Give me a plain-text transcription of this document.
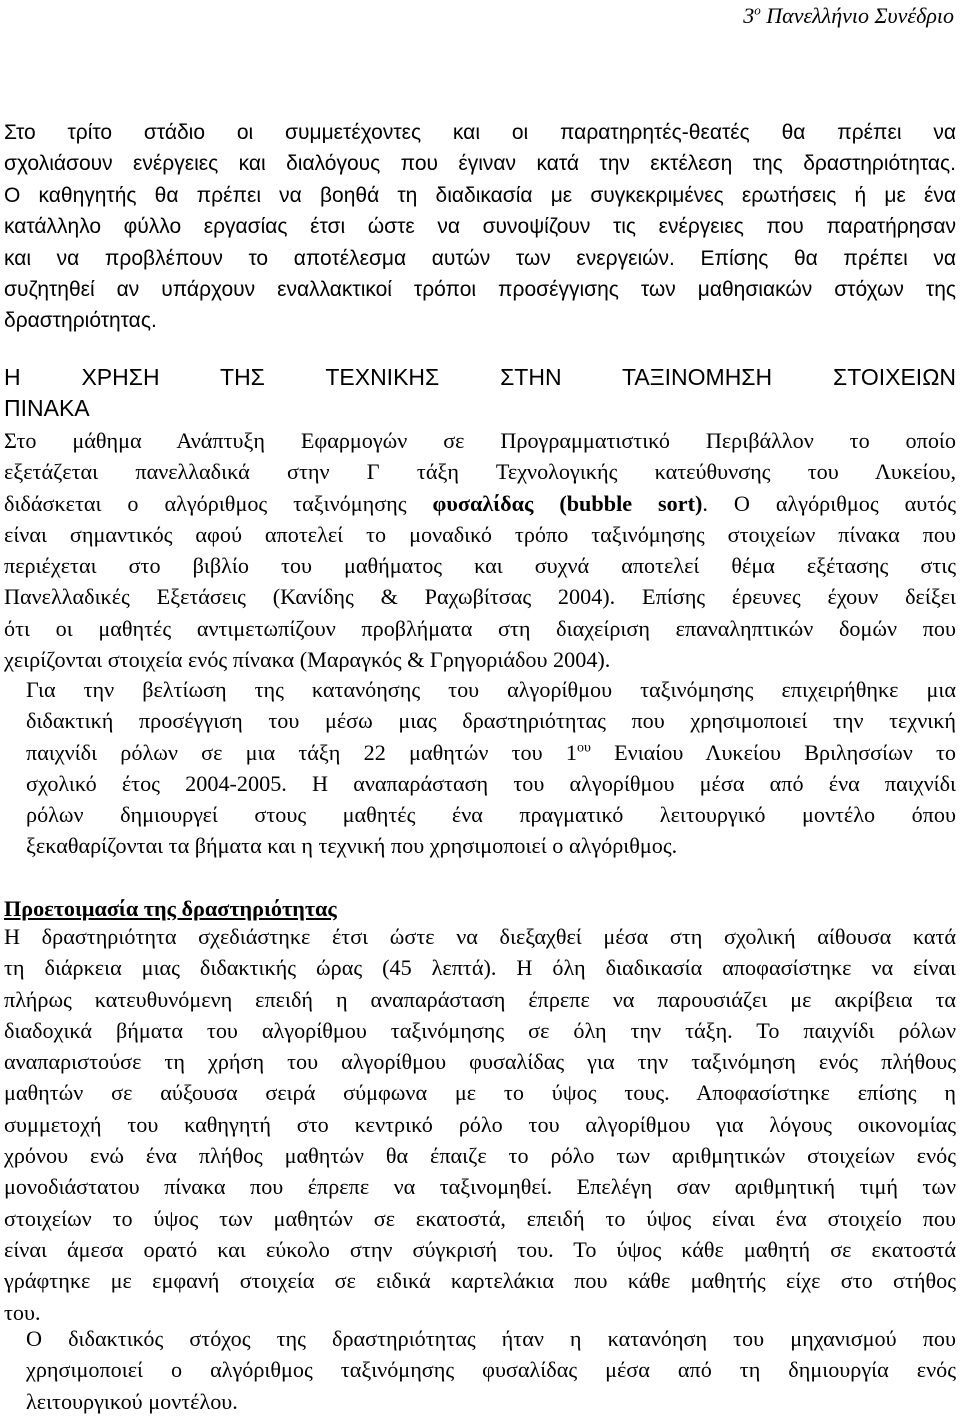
$3^o$ Πανελλήνιο Συνέδριο
Στο τρίτο στάδιο οι συμμετέχοντες και οι παρατηρητές-θεατές θα πρέπει να
σχολιάσουν ενέργειες και διαλόγους που έγιναν κατά την εκτέλεση της δραστηριότητας.
Ο καθηγητής θα πρέπει να βοηθά τη διαδικασία με συγκεκριμένες ερωτήσεις ή με ένα
κατάλληλο φύλλο εργασίας έτσι ώστε να συνοψίζουν τις ενέργειες που παρατήρησαν
και να προβλέπουν το αποτέλεσμα αυτών των ενεργειών. Επίσης θα πρέπει να
συζητηθεί αν υπάρχουν εναλλακτικοί τρόποι προσέγγισης των μαθησιακών στόχων της
δραστηριότητας.
Η ΧΡΗΣΗ ΤΗΣ ΤΕΧΝΙΚΗΣ ΣΤΗΝ ΤΑΞΙΝΟΜΗΣΗ ΣΤΟΙΧΕΙΩΝ
ΠΙΝΑΚΑ
Στο μάθημα Ανάπτυξη Εφαρμογών σε Προγραμματιστικό Περιβάλλον το οποίο
εξετάζεται πανελλαδικά στην Γ τάξη Τεχνολογικής κατεύθυνσης του Λυκείου,
διδάσκεται ο αλγόριθμος ταξινόμησης φυσαλίδας (bubble sort). Ο αλγόριθμος αυτός
είναι σημαντικός αφού αποτελεί το μοναδικό τρόπο ταξινόμησης στοιχείων πίνακα που
περιέχεται στο βιβλίο του μαθήματος και συχνά αποτελεί θέμα εξέτασης στις
Πανελλαδικές Εξετάσεις (Κανίδης & Ραχωβίτσας 2004). Επίσης έρευνες έχουν δείξει
ότι οι μαθητές αντιμετωπίζουν προβλήματα στη διαχείριση επαναληπτικών δομών που
χειρίζονται στοιχεία ενός πίνακα (Μαραγκός & Γρηγοριάδου 2004).
Για την βελτίωση της κατανόησης του αλγορίθμου ταξινόμησης επιχειρήθηκε μια
διδακτική προσέγγιση του μέσω μιας δραστηριότητας που χρησιμοποιεί την τεχνική
παιχνίδι ρόλων σε μια τάξη 22 μαθητών του $1^{o\upsilon}$ Ενιαίου Λυκείου Βριλησσίων το
σχολικό έτος 2004-2005. Η αναπαράσταση του αλγορίθμου μέσα από ένα παιχνίδι
ρόλων δημιουργεί στους μαθητές ένα πραγματικό λειτουργικό μοντέλο όπου
ξεκαθαρίζονται τα βήματα και η τεχνική που χρησιμοποιεί ο αλγόριθμος.
Προετοιμασία της δραστηριότητας
Η δραστηριότητα σχεδιάστηκε έτσι ώστε να διεξαχθεί μέσα στη σχολική αίθουσα κατά
τη διάρκεια μιας διδακτικής ώρας (45 λεπτά). Η όλη διαδικασία αποφασίστηκε να είναι
πλήρως κατευθυνόμενη επειδή η αναπαράσταση έπρεπε να παρουσιάζει με ακρίβεια τα
διαδοχικά βήματα του αλγορίθμου ταξινόμησης σε όλη την τάξη. Το παιχνίδι ρόλων
αναπαριστούσε τη χρήση του αλγορίθμου φυσαλίδας για την ταξινόμηση ενός πλήθους
μαθητών σε αύξουσα σειρά σύμφωνα με το ύψος τους. Αποφασίστηκε επίσης η
συμμετοχή του καθηγητή στο κεντρικό ρόλο του αλγορίθμου για λόγους οικονομίας
χρόνου ενώ ένα πλήθος μαθητών θα έπαιζε το ρόλο των αριθμητικών στοιχείων ενός
μονοδιάστατου πίνακα που έπρεπε να ταξινομηθεί. Επελέγη σαν αριθμητική τιμή των
στοιχείων το ύψος των μαθητών σε εκατοστά, επειδή το ύψος είναι ένα στοιχείο που
είναι άμεσα ορατό και εύκολο στην σύγκρισή του. Το ύψος κάθε μαθητή σε εκατοστά
γράφτηκε με εμφανή στοιχεία σε ειδικά καρτελάκια που κάθε μαθητής είχε στο στήθος
του.
Ο διδακτικός στόχος της δραστηριότητας ήταν η κατανόηση του μηχανισμού που
χρησιμοποιεί ο αλγόριθμος ταξινόμησης φυσαλίδας μέσα από τη δημιουργία ενός
λειτουργικού μοντέλου.
